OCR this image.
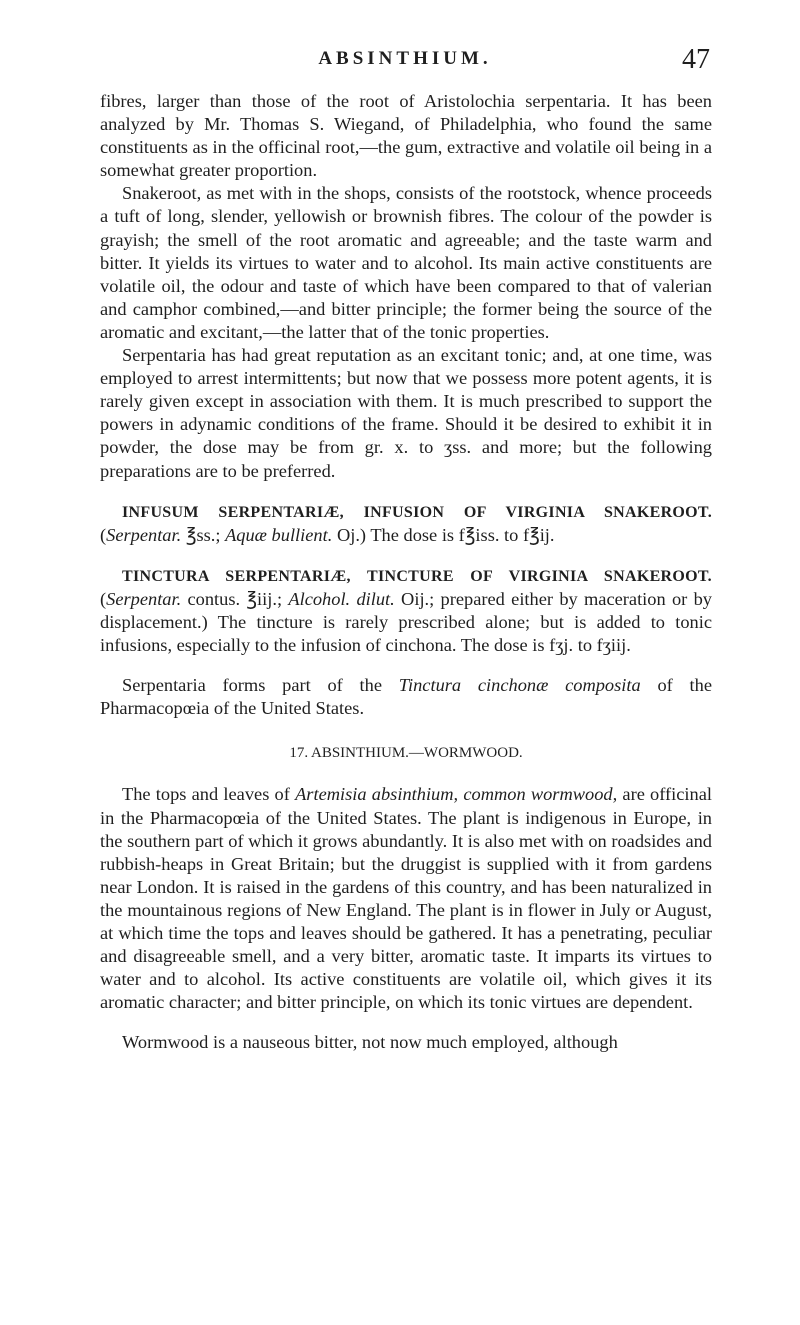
ABSINTHIUM.	47

fibres, larger than those of the root of Aristolochia serpentaria. It has been analyzed by Mr. Thomas S. Wiegand, of Philadelphia, who found the same constituents as in the officinal root,—the gum, extractive and volatile oil being in a somewhat greater proportion.

Snakeroot, as met with in the shops, consists of the rootstock, whence proceeds a tuft of long, slender, yellowish or brownish fibres. The colour of the powder is grayish; the smell of the root aromatic and agreeable; and the taste warm and bitter. It yields its virtues to water and to alcohol. Its main active constituents are volatile oil, the odour and taste of which have been compared to that of valerian and camphor combined,—and bitter principle; the former being the source of the aromatic and excitant,—the latter that of the tonic properties.

Serpentaria has had great reputation as an excitant tonic; and, at one time, was employed to arrest intermittents; but now that we possess more potent agents, it is rarely given except in association with them. It is much prescribed to support the powers in adynamic conditions of the frame. Should it be desired to exhibit it in powder, the dose may be from gr. x. to ʒss. and more; but the following preparations are to be preferred.

INFUSUM SERPENTARIÆ, INFUSION OF VIRGINIA SNAKEROOT. (Serpentar. ℥ss.; Aquæ bullient. Oj.) The dose is f℥iss. to f℥ij.

TINCTURA SERPENTARIÆ, TINCTURE OF VIRGINIA SNAKEROOT. (Serpentar. contus. ℥iij.; Alcohol. dilut. Oij.; prepared either by maceration or by displacement.) The tincture is rarely prescribed alone; but is added to tonic infusions, especially to the infusion of cinchona. The dose is fʒj. to fʒiij.

Serpentaria forms part of the Tinctura cinchonæ composita of the Pharmacopœia of the United States.

17. ABSINTHIUM.—WORMWOOD.

The tops and leaves of Artemisia absinthium, common wormwood, are officinal in the Pharmacopœia of the United States. The plant is indigenous in Europe, in the southern part of which it grows abundantly. It is also met with on roadsides and rubbish-heaps in Great Britain; but the druggist is supplied with it from gardens near London. It is raised in the gardens of this country, and has been naturalized in the mountainous regions of New England. The plant is in flower in July or August, at which time the tops and leaves should be gathered. It has a penetrating, peculiar and disagreeable smell, and a very bitter, aromatic taste. It imparts its virtues to water and to alcohol. Its active constituents are volatile oil, which gives it its aromatic character; and bitter principle, on which its tonic virtues are dependent.

Wormwood is a nauseous bitter, not now much employed, although
